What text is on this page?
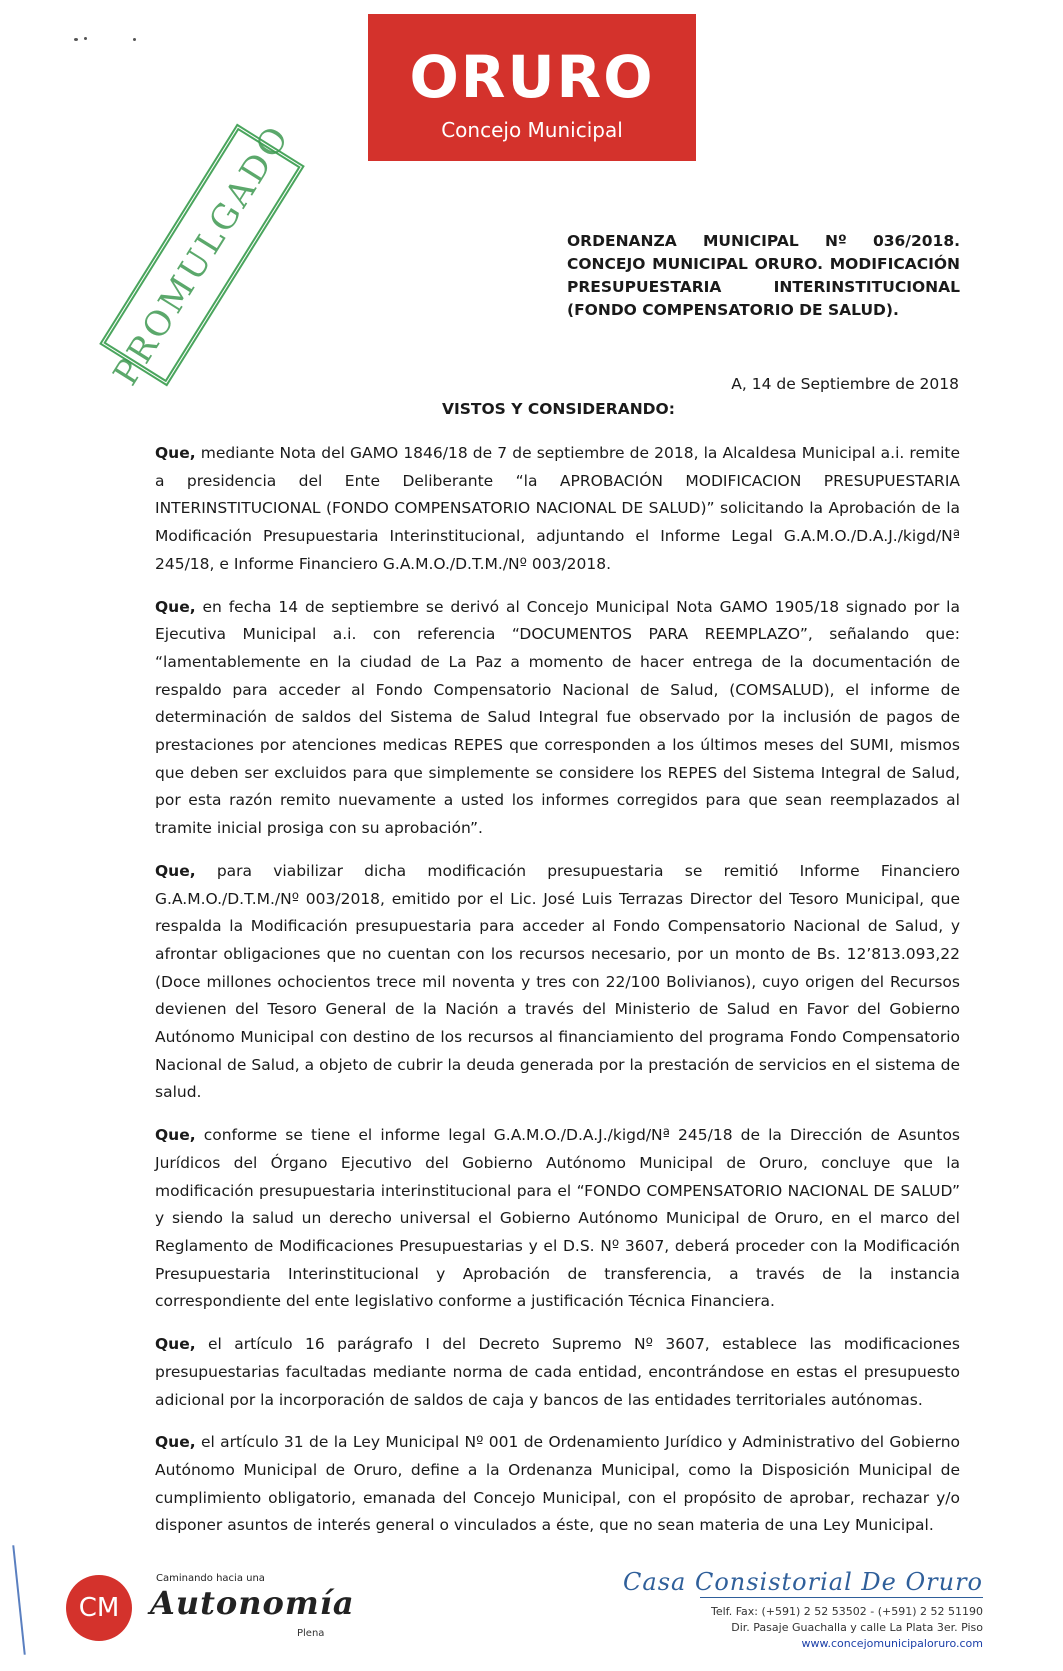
ORURO
Concejo Municipal
PROMULGADO	ORDENANZA MUNICIPAL Nº 036/2018. CONCEJO MUNICIPAL ORURO. MODIFICACIÓN PRESUPUESTARIA INTERINSTITUCIONAL (FONDO COMPENSATORIO DE SALUD).
A, 14 de Septiembre de 2018
VISTOS Y CONSIDERANDO:

Que, mediante Nota del GAMO 1846/18 de 7 de septiembre de 2018, la Alcaldesa Municipal a.i. remite a presidencia del Ente Deliberante “la APROBACIÓN MODIFICACION PRESUPUESTARIA INTERINSTITUCIONAL (FONDO COMPENSATORIO NACIONAL DE SALUD)” solicitando la Aprobación de la Modificación Presupuestaria Interinstitucional, adjuntando el Informe Legal G.A.M.O./D.A.J./kigd/Nª 245/18, e Informe Financiero G.A.M.O./D.T.M./Nº 003/2018.

Que, en fecha 14 de septiembre se derivó al Concejo Municipal Nota GAMO 1905/18 signado por la Ejecutiva Municipal a.i. con referencia “DOCUMENTOS PARA REEMPLAZO”, señalando que: “lamentablemente en la ciudad de La Paz a momento de hacer entrega de la documentación de respaldo para acceder al Fondo Compensatorio Nacional de Salud, (COMSALUD), el informe de determinación de saldos del Sistema de Salud Integral fue observado por la inclusión de pagos de prestaciones por atenciones medicas REPES que corresponden a los últimos meses del SUMI, mismos que deben ser excluidos para que simplemente se considere los REPES del Sistema Integral de Salud, por esta razón remito nuevamente a usted los informes corregidos para que sean reemplazados al tramite inicial prosiga con su aprobación”.

Que, para viabilizar dicha modificación presupuestaria se remitió Informe Financiero G.A.M.O./D.T.M./Nº 003/2018, emitido por el Lic. José Luis Terrazas Director del Tesoro Municipal, que respalda la Modificación presupuestaria para acceder al Fondo Compensatorio Nacional de Salud, y afrontar obligaciones que no cuentan con los recursos necesario, por un monto de Bs. 12’813.093,22 (Doce millones ochocientos trece mil noventa y tres con 22/100 Bolivianos), cuyo origen del Recursos devienen del Tesoro General de la Nación a través del Ministerio de Salud en Favor del Gobierno Autónomo Municipal con destino de los recursos al financiamiento del programa Fondo Compensatorio Nacional de Salud, a objeto de cubrir la deuda generada por la prestación de servicios en el sistema de salud.

Que, conforme se tiene el informe legal G.A.M.O./D.A.J./kigd/Nª 245/18 de la Dirección de Asuntos Jurídicos del Órgano Ejecutivo del Gobierno Autónomo Municipal de Oruro, concluye que la modificación presupuestaria interinstitucional para el “FONDO COMPENSATORIO NACIONAL DE SALUD” y siendo la salud un derecho universal el Gobierno Autónomo Municipal de Oruro, en el marco del Reglamento de Modificaciones Presupuestarias y el D.S. Nº 3607, deberá proceder con la Modificación Presupuestaria Interinstitucional y Aprobación de transferencia, a través de la instancia correspondiente del ente legislativo conforme a justificación Técnica Financiera.

Que, el artículo 16 parágrafo I del Decreto Supremo Nº 3607, establece las modificaciones presupuestarias facultadas mediante norma de cada entidad, encontrándose en estas el presupuesto adicional por la incorporación de saldos de caja y bancos de las entidades territoriales autónomas.

Que, el artículo 31 de la Ley Municipal Nº 001 de Ordenamiento Jurídico y Administrativo del Gobierno Autónomo Municipal de Oruro, define a la Ordenanza Municipal, como la Disposición Municipal de cumplimiento obligatorio, emanada del Concejo Municipal, con el propósito de aprobar, rechazar y/o disponer asuntos de interés general o vinculados a éste, que no sean materia de una Ley Municipal.

CM
Caminando hacia una
Autonomía
Plena
Casa Consistorial De Oruro
Telf. Fax: (+591) 2 52 53502 - (+591) 2 52 51190
Dir. Pasaje Guachalla y calle La Plata 3er. Piso
www.concejomunicipaloruro.com
